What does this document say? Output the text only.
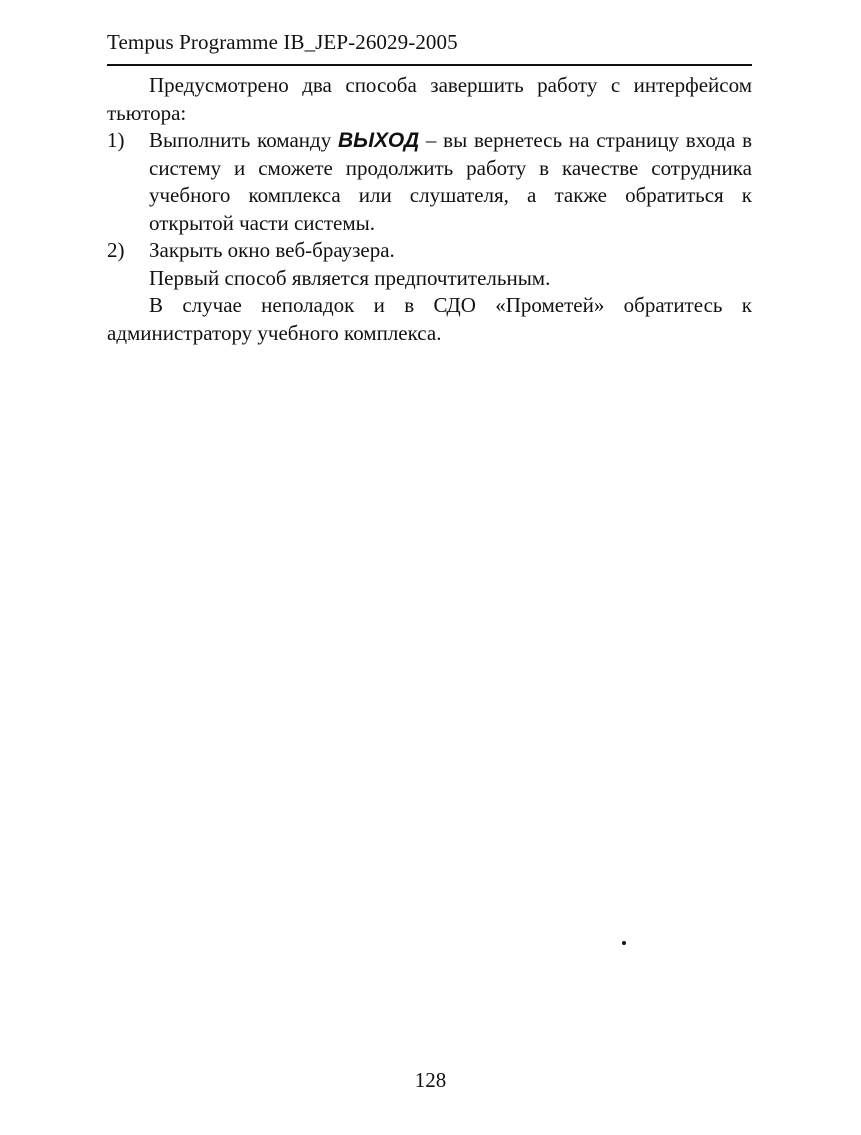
Tempus Programme IB_JEP-26029-2005

Предусмотрено два способа завершить работу с интерфейсом тьютора:

1) Выполнить команду ВЫХОД – вы вернетесь на страницу входа в систему и сможете продолжить работу в качестве сотрудника учебного комплекса или слушателя, а также обратиться к открытой части системы.
2) Закрыть окно веб-браузера.

Первый способ является предпочтительным.

В случае неполадок и в СДО «Прометей» обратитесь к администратору учебного комплекса.

128
